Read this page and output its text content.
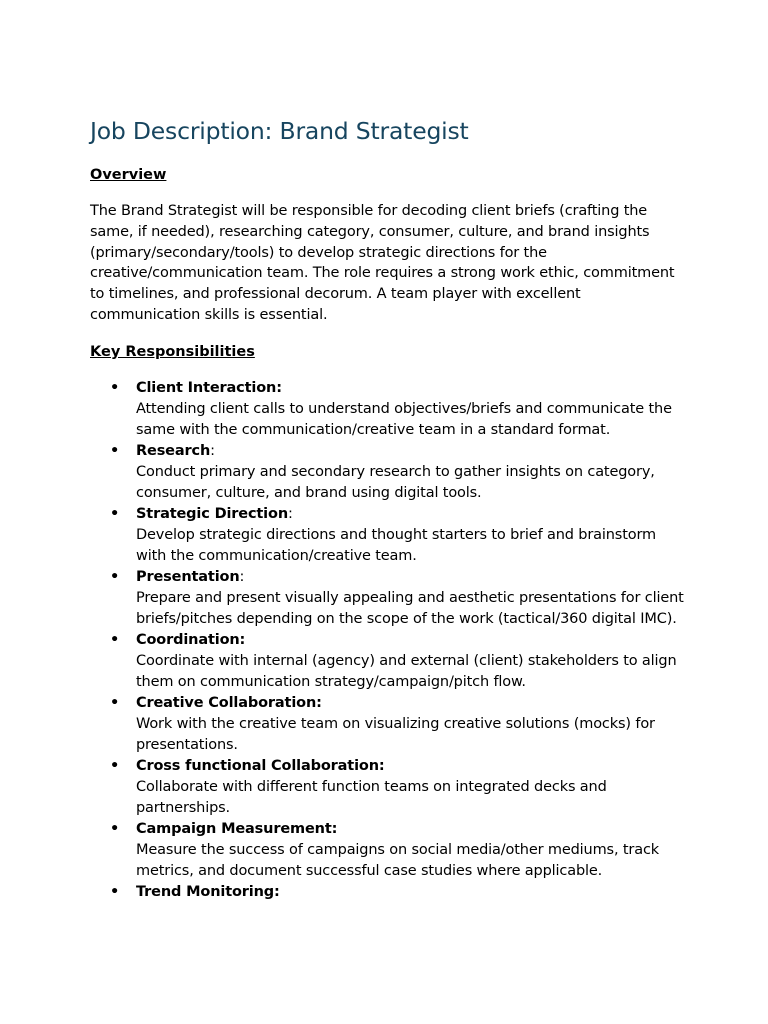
Job Description: Brand Strategist

Overview

The Brand Strategist will be responsible for decoding client briefs (crafting the same, if needed), researching category, consumer, culture, and brand insights (primary/secondary/tools) to develop strategic directions for the creative/communication team. The role requires a strong work ethic, commitment to timelines, and professional decorum. A team player with excellent communication skills is essential.

Key Responsibilities

• Client Interaction:
Attending client calls to understand objectives/briefs and communicate the same with the communication/creative team in a standard format.
• Research:
Conduct primary and secondary research to gather insights on category, consumer, culture, and brand using digital tools.
• Strategic Direction:
Develop strategic directions and thought starters to brief and brainstorm with the communication/creative team.
• Presentation:
Prepare and present visually appealing and aesthetic presentations for client briefs/pitches depending on the scope of the work (tactical/360 digital IMC).
• Coordination:
Coordinate with internal (agency) and external (client) stakeholders to align them on communication strategy/campaign/pitch flow.
• Creative Collaboration:
Work with the creative team on visualizing creative solutions (mocks) for presentations.
• Cross functional Collaboration:
Collaborate with different function teams on integrated decks and partnerships.
• Campaign Measurement:
Measure the success of campaigns on social media/other mediums, track metrics, and document successful case studies where applicable.
• Trend Monitoring:
